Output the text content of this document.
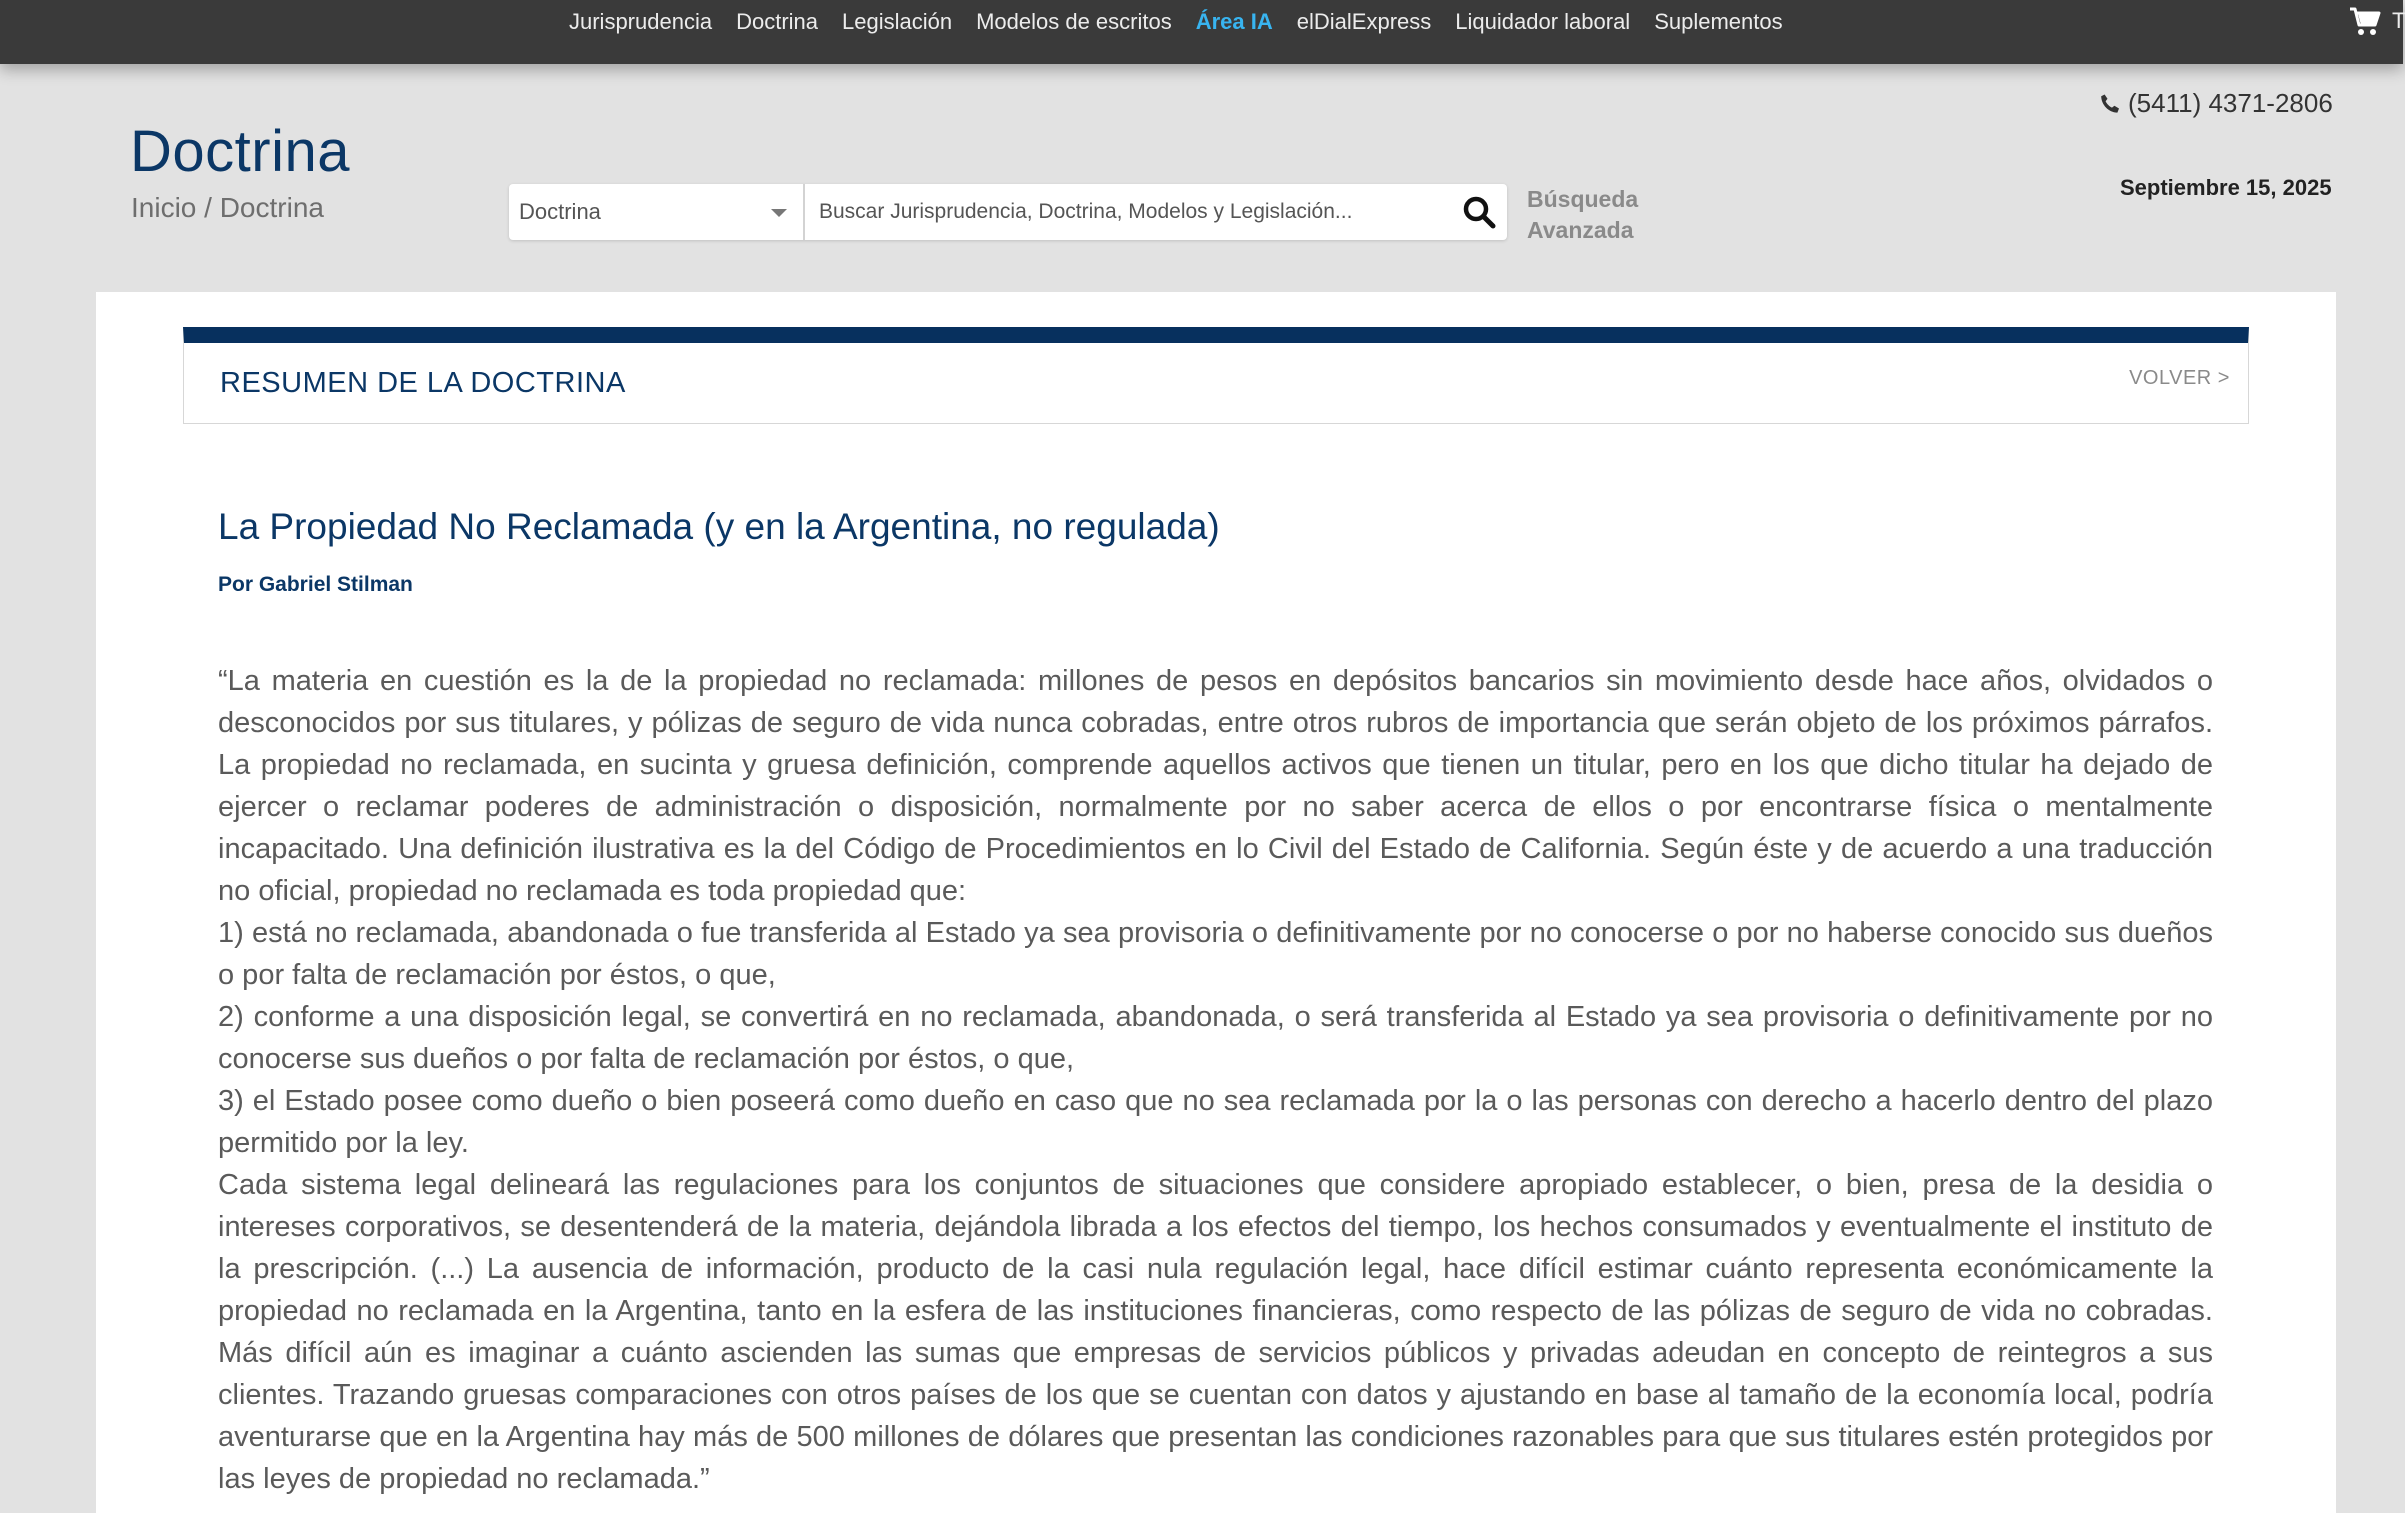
Jurisprudencia	Doctrina	Legislación	Modelos de escritos	Área IA	elDialExpress	Liquidador laboral	Suplementos	T
Doctrina
Inicio / Doctrina	Doctrina
Buscar Jurisprudencia, Doctrina, Modelos y Legislación...	Búsqueda
Avanzada
(5411) 4371-2806
Septiembre 15, 2025
RESUMEN DE LA DOCTRINA	VOLVER >
La Propiedad No Reclamada (y en la Argentina, no regulada)
Por Gabriel Stilman

“La materia en cuestión es la de la propiedad no reclamada: millones de pesos en depósitos bancarios sin movimiento desde hace años, olvidados o desconocidos por sus titulares, y pólizas de seguro de vida nunca cobradas, entre otros rubros de importancia que serán objeto de los próximos párrafos. La propiedad no reclamada, en sucinta y gruesa definición, comprende aquellos activos que tienen un titular, pero en los que dicho titular ha dejado de ejercer o reclamar poderes de administración o disposición, normalmente por no saber acerca de ellos o por encontrarse física o mentalmente incapacitado. Una definición ilustrativa es la del Código de Procedimientos en lo Civil del Estado de California. Según éste y de acuerdo a una traducción no oficial, propiedad no reclamada es toda propiedad que:

1) está no reclamada, abandonada o fue transferida al Estado ya sea provisoria o definitivamente por no conocerse o por no haberse conocido sus dueños o por falta de reclamación por éstos, o que,

2) conforme a una disposición legal, se convertirá en no reclamada, abandonada, o será transferida al Estado ya sea provisoria o definitivamente por no conocerse sus dueños o por falta de reclamación por éstos, o que,

3) el Estado posee como dueño o bien poseerá como dueño en caso que no sea reclamada por la o las personas con derecho a hacerlo dentro del plazo permitido por la ley.

Cada sistema legal delineará las regulaciones para los conjuntos de situaciones que considere apropiado establecer, o bien, presa de la desidia o intereses corporativos, se desentenderá de la materia, dejándola librada a los efectos del tiempo, los hechos consumados y eventualmente el instituto de la prescripción. (...) La ausencia de información, producto de la casi nula regulación legal, hace difícil estimar cuánto representa económicamente la propiedad no reclamada en la Argentina, tanto en la esfera de las instituciones financieras, como respecto de las pólizas de seguro de vida no cobradas. Más difícil aún es imaginar a cuánto ascienden las sumas que empresas de servicios públicos y privadas adeudan en concepto de reintegros a sus clientes. Trazando gruesas comparaciones con otros países de los que se cuentan con datos y ajustando en base al tamaño de la economía local, podría aventurarse que en la Argentina hay más de 500 millones de dólares que presentan las condiciones razonables para que sus titulares estén protegidos por las leyes de propiedad no reclamada.”
